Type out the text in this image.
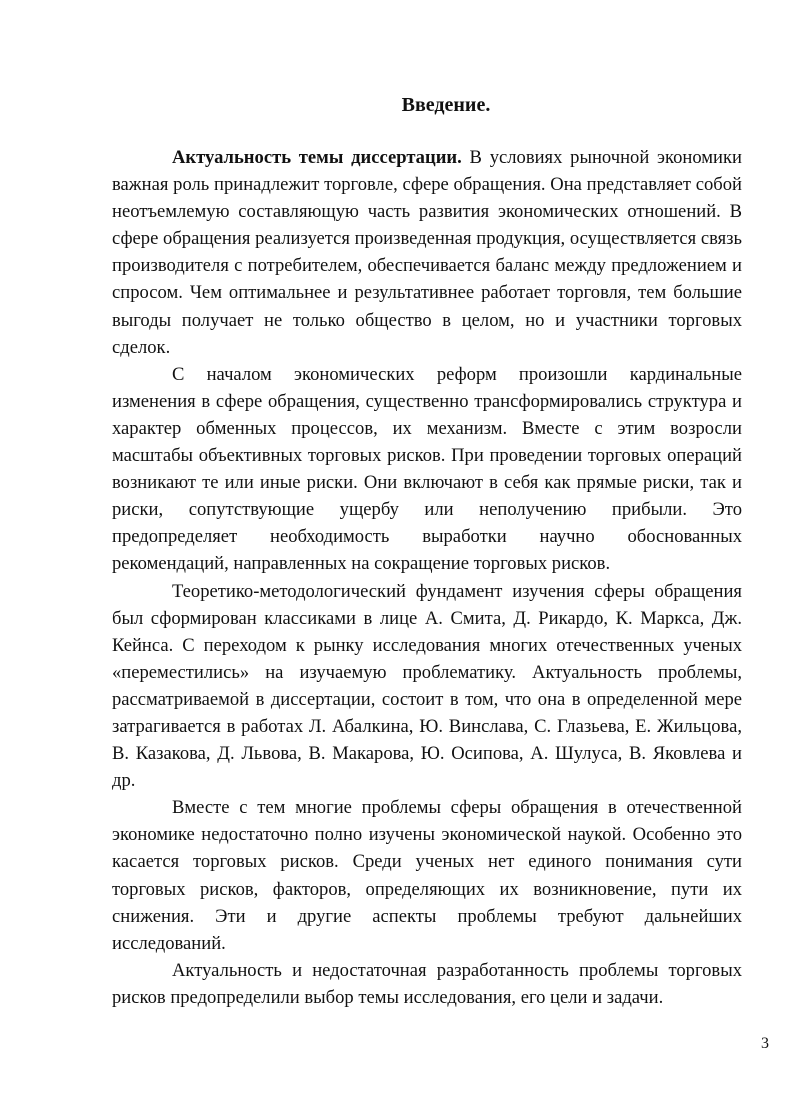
Введение.

Актуальность темы диссертации. В условиях рыночной экономики важная роль принадлежит торговле, сфере обращения. Она представляет собой неотъемлемую составляющую часть развития экономических отношений. В сфере обращения реализуется произведенная продукция, осуществляется связь производителя с потребителем, обеспечивается баланс между предложением и спросом. Чем оптимальнее и результативнее работает торговля, тем большие выгоды получает не только общество в целом, но и участники торговых сделок.

С началом экономических реформ произошли кардинальные изменения в сфере обращения, существенно трансформировались структура и характер обменных процессов, их механизм. Вместе с этим возросли масштабы объективных торговых рисков. При проведении торговых операций возникают те или иные риски. Они включают в себя как прямые риски, так и риски, сопутствующие ущербу или неполучению прибыли. Это предопределяет необходимость выработки научно обоснованных рекомендаций, направленных на сокращение торговых рисков.

Теоретико-методологический фундамент изучения сферы обращения был сформирован классиками в лице А. Смита, Д. Рикардо, К. Маркса, Дж. Кейнса. С переходом к рынку исследования многих отечественных ученых «переместились» на изучаемую проблематику. Актуальность проблемы, рассматриваемой в диссертации, состоит в том, что она в определенной мере затрагивается в работах Л. Абалкина, Ю. Винслава, С. Глазьева, Е. Жильцова, В. Казакова, Д. Львова, В. Макарова, Ю. Осипова, А. Шулуса, В. Яковлева и др.

Вместе с тем многие проблемы сферы обращения в отечественной экономике недостаточно полно изучены экономической наукой. Особенно это касается торговых рисков. Среди ученых нет единого понимания сути торговых рисков, факторов, определяющих их возникновение, пути их снижения. Эти и другие аспекты проблемы требуют дальнейших исследований.

Актуальность и недостаточная разработанность проблемы торговых рисков предопределили выбор темы исследования, его цели и задачи.

3
